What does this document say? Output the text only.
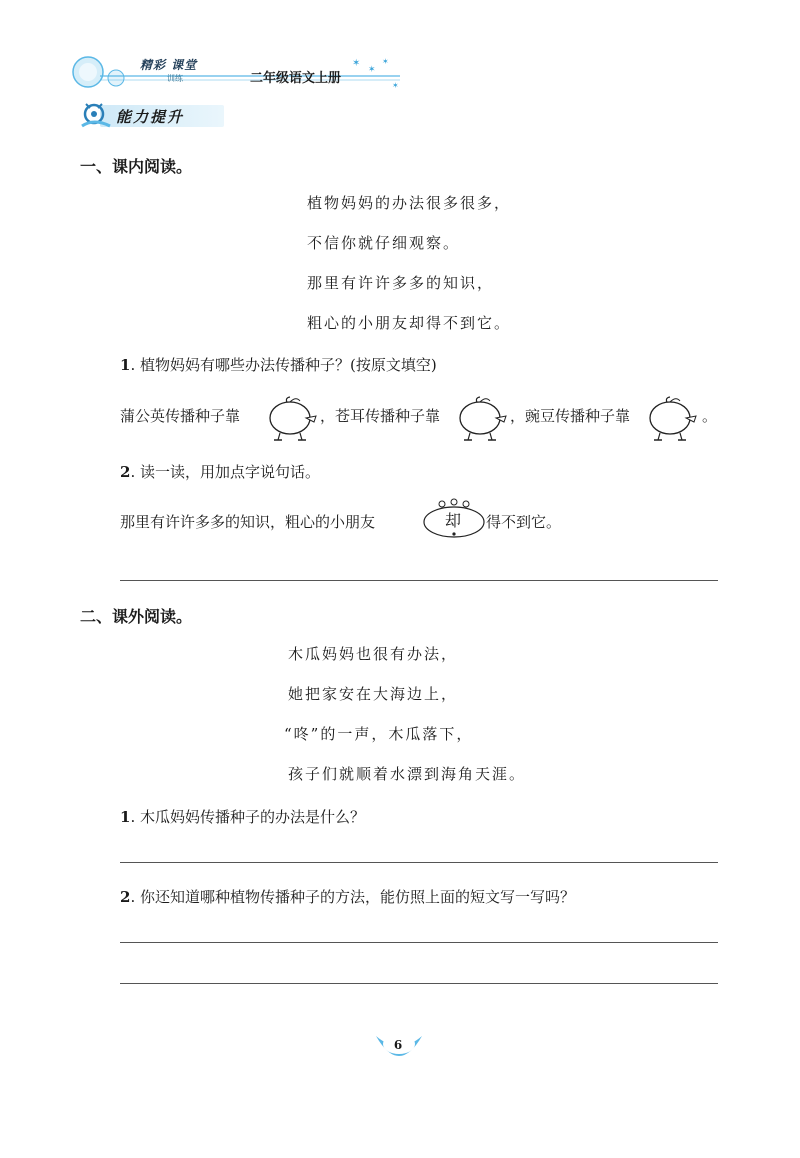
✶
✶
✶
✶
精彩 课堂
训练	二年级语文上册
能力提升
一、课内阅读。
植物妈妈的办法很多很多，
不信你就仔细观察。
那里有许许多多的知识，
粗心的小朋友却得不到它。
1. 植物妈妈有哪些办法传播种子？(按原文填空)
蒲公英传播种子靠	，苍耳传播种子靠	，豌豆传播种子靠	。
2. 读一读，用加点字说句话。
那里有许许多多的知识，粗心的小朋友	却	得不到它。
二、课外阅读。
木瓜妈妈也很有办法，
她把家安在大海边上，
“咚”的一声，木瓜落下，
孩子们就顺着水漂到海角天涯。
1. 木瓜妈妈传播种子的办法是什么？
2. 你还知道哪种植物传播种子的方法，能仿照上面的短文写一写吗？
6
